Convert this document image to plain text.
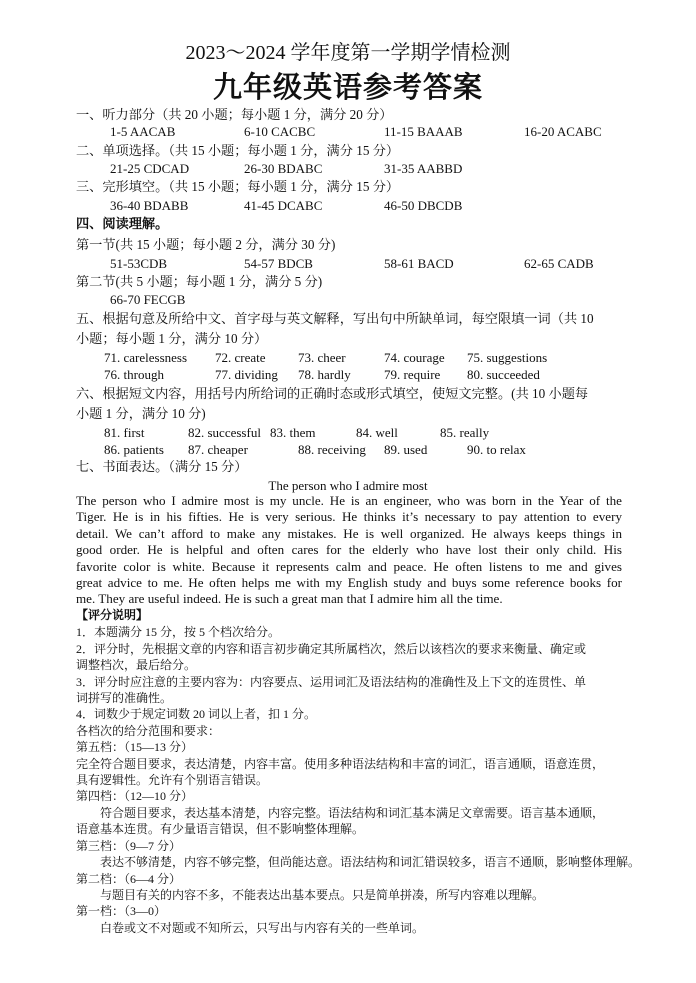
2023～2024 学年度第一学期学情检测
九年级英语参考答案
一、听力部分（共 20 小题；每小题 1 分，满分 20 分）
1-5 AACAB	6-10 CACBC	11-15 BAAAB	16-20 ACABC
二、单项选择。（共 15 小题；每小题 1 分，满分 15 分）
21-25 CDCAD	26-30 BDABC	31-35 AABBD
三、完形填空。（共 15 小题；每小题 1 分，满分 15 分）
36-40 BDABB	41-45 DCABC	46-50 DBCDB
四、阅读理解。
第一节(共 15 小题；每小题 2 分，满分 30 分)
51-53CDB	54-57 BDCB	58-61 BACD	62-65 CADB
第二节(共 5 小题；每小题 1 分，满分 5 分)
66-70 FECGB
五、根据句意及所给中文、首字母与英文解释，写出句中所缺单词，每空限填一词（共 10
小题；每小题 1 分，满分 10 分）
71. carelessness 72. create 73. cheer	74. courage 75. suggestions
76. through	77. dividing 78. hardly	79. require 80. succeeded
六、根据短文内容，用括号内所给词的正确时态或形式填空，使短文完整。(共 10 小题每
小题 1 分，满分 10 分)
81. first	82. successful 83. them	84. well	85. really
86. patients 87. cheaper	88. receiving 89. used	90. to relax
七、书面表达。（满分 15 分）
The person who I admire most
The person who I admire most is my uncle. He is an engineer, who was born in the Year of the
Tiger. He is in his fifties. He is very serious. He thinks it’s necessary to pay attention to every
detail. We can’t afford to make any mistakes. He is well organized. He always keeps things in
good order. He is helpful and often cares for the elderly who have lost their only child. His
favorite color is white. Because it represents calm and peace. He often listens to me and gives
great advice to me. He often helps me with my English study and buys some reference books for
me. They are useful indeed. He is such a great man that I admire him all the time.
【评分说明】
1．本题满分 15 分，按 5 个档次给分。
2．评分时，先根据文章的内容和语言初步确定其所属档次，然后以该档次的要求来衡量、确定或
调整档次，最后给分。
3．评分时应注意的主要内容为：内容要点、运用词汇及语法结构的准确性及上下文的连贯性、单
词拼写的准确性。
4．词数少于规定词数 20 词以上者，扣 1 分。
各档次的给分范围和要求：
第五档：（15—13 分）
完全符合题目要求，表达清楚，内容丰富。使用多种语法结构和丰富的词汇，语言通顺，语意连贯，
具有逻辑性。允许有个别语言错误。
第四档：（12—10 分）
符合题目要求，表达基本清楚，内容完整。语法结构和词汇基本满足文章需要。语言基本通顺，
语意基本连贯。有少量语言错误，但不影响整体理解。
第三档：（9—7 分）
表达不够清楚，内容不够完整，但尚能达意。语法结构和词汇错误较多，语言不通顺，影响整体理解。
第二档：（6—4 分）
与题目有关的内容不多，不能表达出基本要点。只是简单拼凑，所写内容难以理解。
第一档：（3—0）
白卷或文不对题或不知所云，只写出与内容有关的一些单词。
